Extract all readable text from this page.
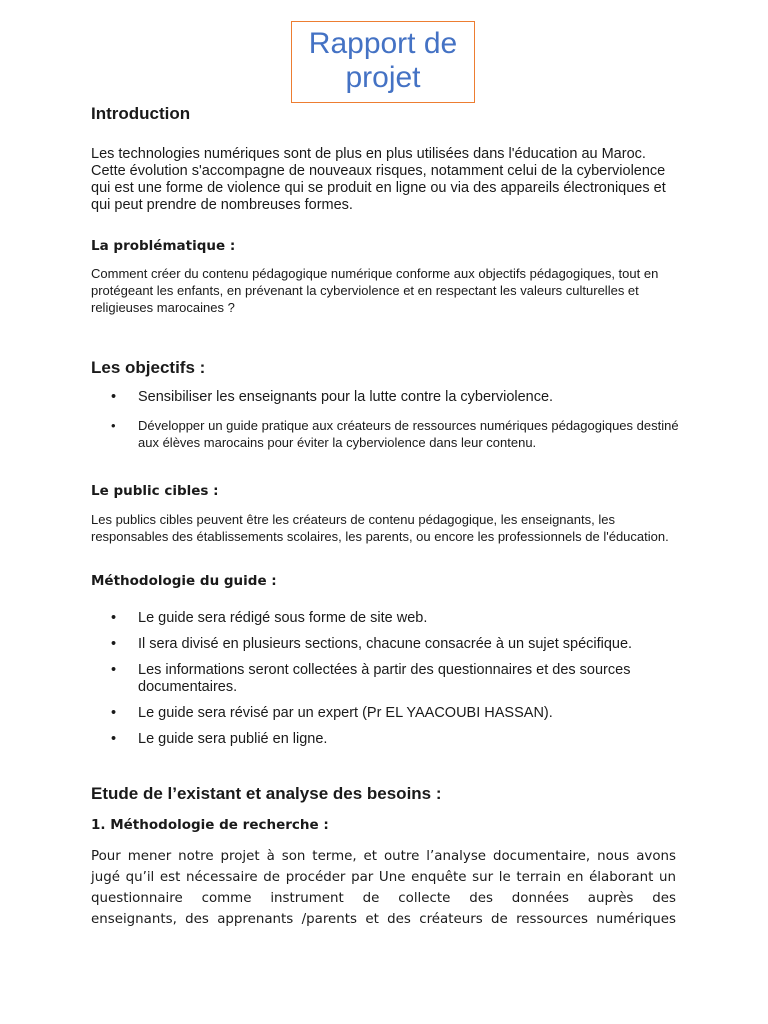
Rapport de
projet
Introduction

Les technologies numériques sont de plus en plus utilisées dans l'éducation au Maroc. Cette évolution s'accompagne de nouveaux risques, notamment celui de la cyberviolence qui est une forme de violence qui se produit en ligne ou via des appareils électroniques et qui peut prendre de nombreuses formes.

La problématique :

Comment créer du contenu pédagogique numérique conforme aux objectifs pédagogiques, tout en protégeant les enfants, en prévenant la cyberviolence et en respectant les valeurs culturelles et religieuses marocaines ?

Les objectifs :
• Sensibiliser les enseignants pour la lutte contre la cyberviolence.
• Développer un guide pratique aux créateurs de ressources numériques pédagogiques destiné aux élèves marocains pour éviter la cyberviolence dans leur contenu.
Le public cibles :

Les publics cibles peuvent être les créateurs de contenu pédagogique, les enseignants, les responsables des établissements scolaires, les parents, ou encore les professionnels de l'éducation.

Méthodologie du guide :
• Le guide sera rédigé sous forme de site web.
• Il sera divisé en plusieurs sections, chacune consacrée à un sujet spécifique.
• Les informations seront collectées à partir des questionnaires et des sources documentaires.
• Le guide sera révisé par un expert (Pr EL YAACOUBI HASSAN).
• Le guide sera publié en ligne.
Etude de l’existant et analyse des besoins :
1. Méthodologie de recherche :

Pour mener notre projet à son terme, et outre l’analyse documentaire, nous avons

jugé qu’il est nécessaire de procéder par Une enquête sur le terrain en élaborant un

questionnaire comme instrument de collecte des données auprès des

enseignants, des apprenants /parents et des créateurs de ressources numériques
